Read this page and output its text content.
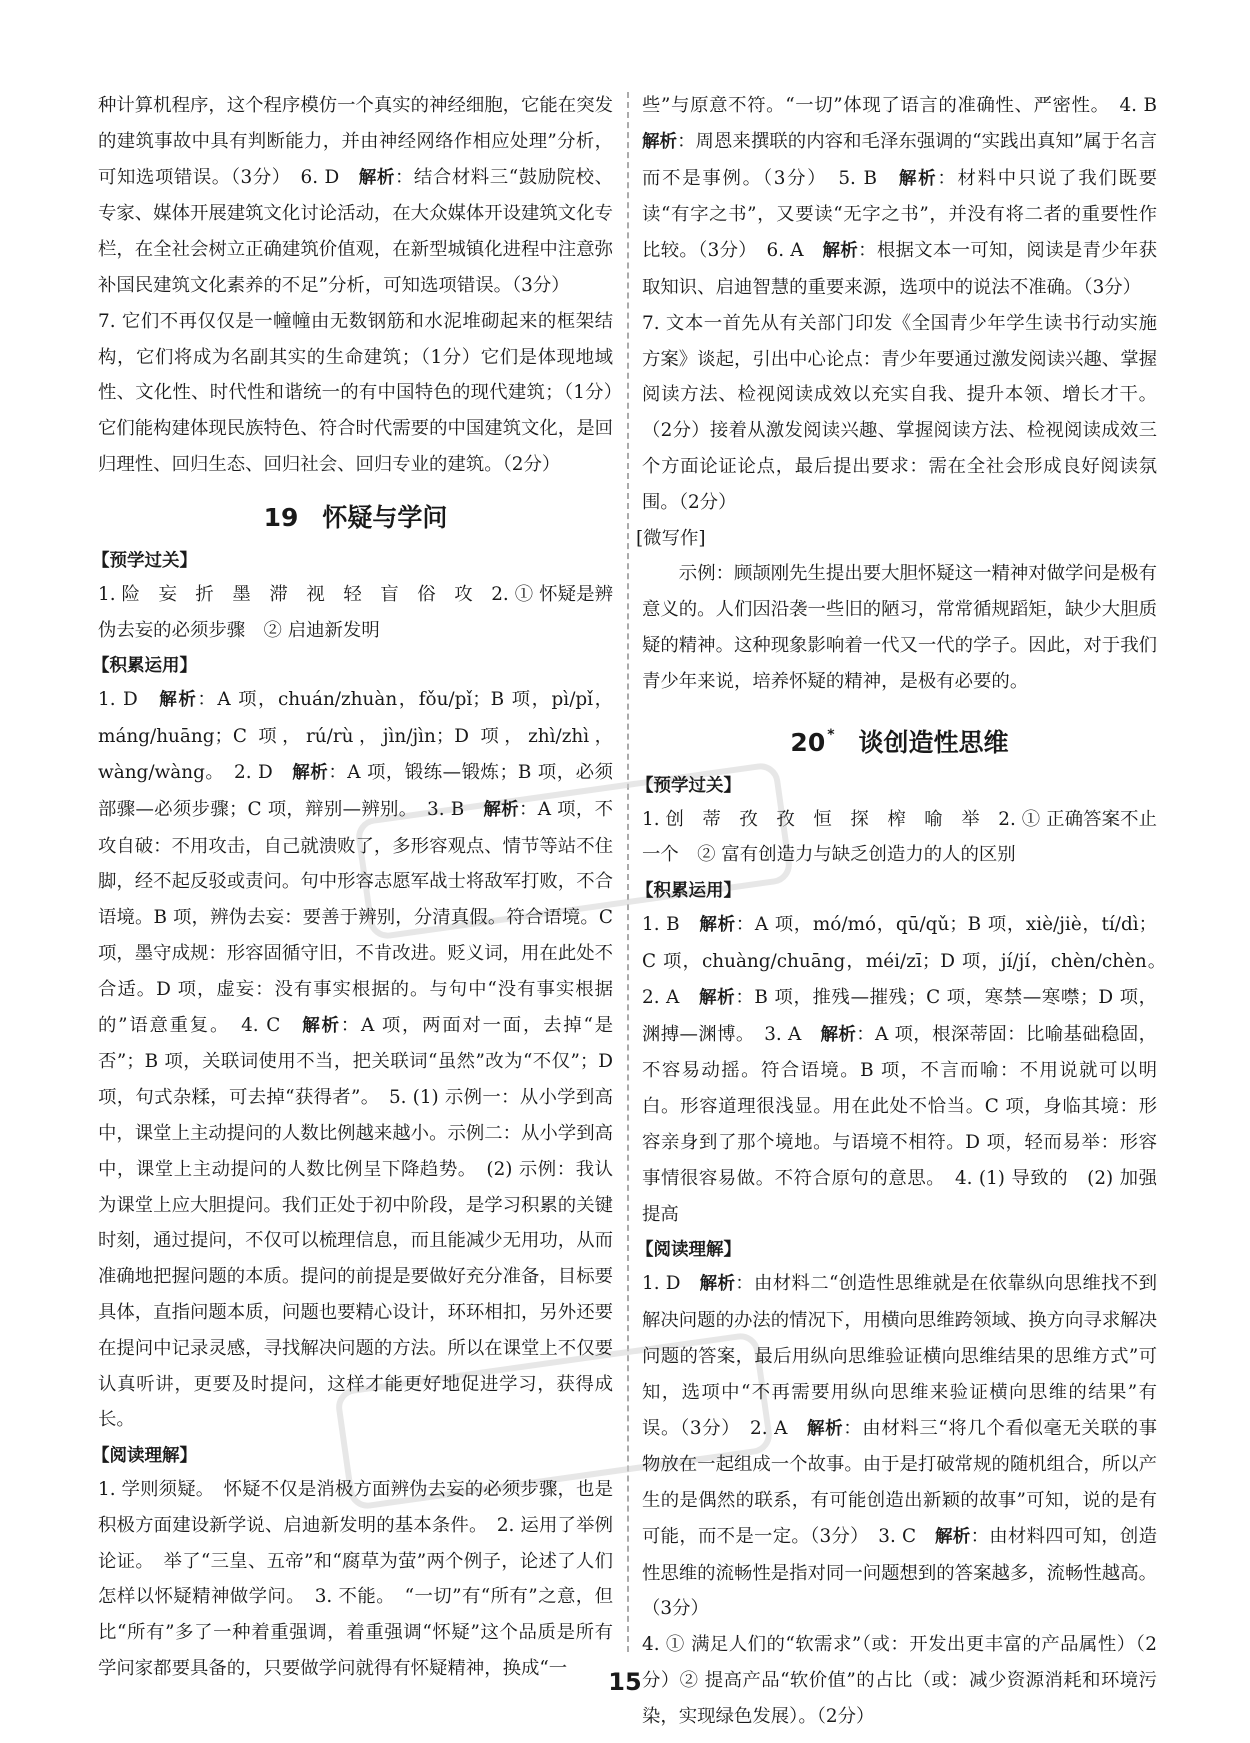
种计算机程序，这个程序模仿一个真实的神经细胞，它能在突发的建筑事故中具有判断能力，并由神经网络作相应处理”分析，可知选项错误。（3分）　6. D　解析：结合材料三“鼓励院校、专家、媒体开展建筑文化讨论活动，在大众媒体开设建筑文化专栏，在全社会树立正确建筑价值观，在新型城镇化进程中注意弥补国民建筑文化素养的不足”分析，可知选项错误。（3分）

7. 它们不再仅仅是一幢幢由无数钢筋和水泥堆砌起来的框架结构，它们将成为名副其实的生命建筑；（1分）它们是体现地域性、文化性、时代性和谐统一的有中国特色的现代建筑；（1分）它们能构建体现民族特色、符合时代需要的中国建筑文化，是回归理性、回归生态、回归社会、回归专业的建筑。（2分）

19 怀疑与学问
【预学过关】

1. 险　妄　折　墨　滞　视　轻　盲　俗　攻　2. ① 怀疑是辨伪去妄的必须步骤　② 启迪新发明

【积累运用】

1. D　解析：A 项，chuán/zhuàn，fǒu/pǐ；B 项，pì/pǐ，máng/huāng；C 项，rú/rù，jìn/jìn；D 项，zhì/zhì，wàng/wàng。　2. D　解析：A 项，锻练—锻炼；B 项，必须部骤—必须步骤；C 项，辩别—辨别。　3. B　解析：A 项，不攻自破：不用攻击，自己就溃败了，多形容观点、情节等站不住脚，经不起反驳或责问。句中形容志愿军战士将敌军打败，不合语境。B 项，辨伪去妄：要善于辨别，分清真假。符合语境。C 项，墨守成规：形容固循守旧，不肯改进。贬义词，用在此处不合适。D 项，虚妄：没有事实根据的。与句中“没有事实根据的”语意重复。　4. C　解析：A 项，两面对一面，去掉“是否”；B 项，关联词使用不当，把关联词“虽然”改为“不仅”；D 项，句式杂糅，可去掉“获得者”。　5. (1) 示例一：从小学到高中，课堂上主动提问的人数比例越来越小。示例二：从小学到高中，课堂上主动提问的人数比例呈下降趋势。　(2) 示例：我认为课堂上应大胆提问。我们正处于初中阶段，是学习积累的关键时刻，通过提问，不仅可以梳理信息，而且能减少无用功，从而准确地把握问题的本质。提问的前提是要做好充分准备，目标要具体，直指问题本质，问题也要精心设计，环环相扣，另外还要在提问中记录灵感，寻找解决问题的方法。所以在课堂上不仅要认真听讲，更要及时提问，这样才能更好地促进学习，获得成长。

【阅读理解】

1. 学则须疑。　怀疑不仅是消极方面辨伪去妄的必须步骤，也是积极方面建设新学说、启迪新发明的基本条件。　2. 运用了举例论证。　举了“三皇、五帝”和“腐草为萤”两个例子，论述了人们怎样以怀疑精神做学问。　3. 不能。　“一切”有“所有”之意，但比“所有”多了一种着重强调，着重强调“怀疑”这个品质是所有学问家都要具备的，只要做学问就得有怀疑精神，换成“一

些”与原意不符。“一切”体现了语言的准确性、严密性。　4. B　解析：周恩来撰联的内容和毛泽东强调的“实践出真知”属于名言而不是事例。（3分）　5. B　解析：材料中只说了我们既要读“有字之书”，又要读“无字之书”，并没有将二者的重要性作比较。（3分）　6. A　解析：根据文本一可知，阅读是青少年获取知识、启迪智慧的重要来源，选项中的说法不准确。（3分）

7. 文本一首先从有关部门印发《全国青少年学生读书行动实施方案》谈起，引出中心论点：青少年要通过激发阅读兴趣、掌握阅读方法、检视阅读成效以充实自我、提升本领、增长才干。（2分）接着从激发阅读兴趣、掌握阅读方法、检视阅读成效三个方面论证论点，最后提出要求：需在全社会形成良好阅读氛围。（2分）

[微写作]

示例：顾颉刚先生提出要大胆怀疑这一精神对做学问是极有意义的。人们因沿袭一些旧的陋习，常常循规蹈矩，缺少大胆质疑的精神。这种现象影响着一代又一代的学子。因此，对于我们青少年来说，培养怀疑的精神，是极有必要的。

20 * 谈创造性思维
【预学过关】

1. 创　蒂　孜　孜　恒　探　榨　喻　举　2. ① 正确答案不止一个　② 富有创造力与缺乏创造力的人的区别

【积累运用】

1. B　解析：A 项，mó/mó，qū/qǔ；B 项，xiè/jiè，tí/dì；C 项，chuàng/chuāng，méi/zī；D 项，jí/jí，chèn/chèn。　2. A　解析：B 项，推残—摧残；C 项，寒禁—寒噤；D 项，渊搏—渊博。　3. A　解析：A 项，根深蒂固：比喻基础稳固，不容易动摇。符合语境。B 项，不言而喻：不用说就可以明白。形容道理很浅显。用在此处不恰当。C 项，身临其境：形容亲身到了那个境地。与语境不相符。D 项，轻而易举：形容事情很容易做。不符合原句的意思。　4. (1) 导致的　(2) 加强　提高

【阅读理解】

1. D　解析：由材料二“创造性思维就是在依靠纵向思维找不到解决问题的办法的情况下，用横向思维跨领域、换方向寻求解决问题的答案，最后用纵向思维验证横向思维结果的思维方式”可知，选项中“不再需要用纵向思维来验证横向思维的结果”有误。（3分）　2. A　解析：由材料三“将几个看似毫无关联的事物放在一起组成一个故事。由于是打破常规的随机组合，所以产生的是偶然的联系，有可能创造出新颖的故事”可知，说的是有可能，而不是一定。（3分）　3. C　解析：由材料四可知，创造性思维的流畅性是指对同一问题想到的答案越多，流畅性越高。（3分）

4. ① 满足人们的“软需求”（或：开发出更丰富的产品属性）（2分）② 提高产品“软价值”的占比（或：减少资源消耗和环境污染，实现绿色发展）。（2分）

15
